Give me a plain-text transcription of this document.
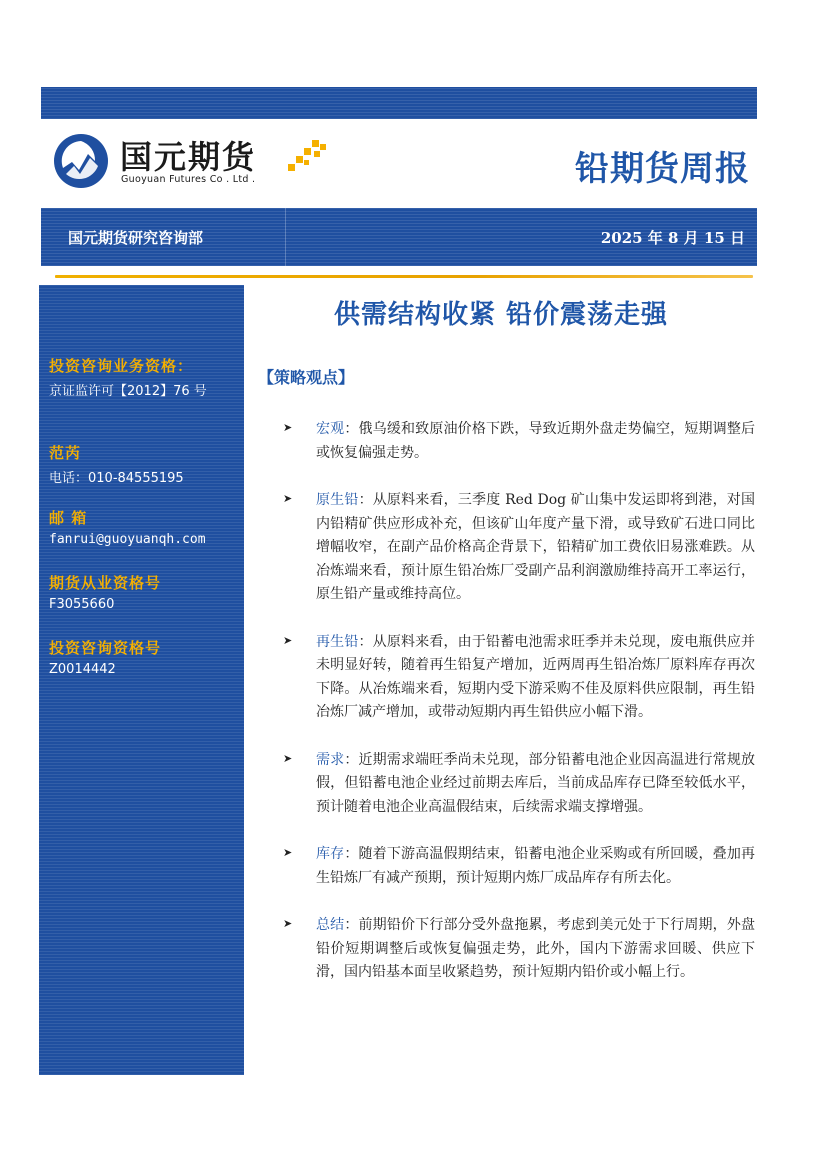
国元期货
Guoyuan Futures Co . Ltd .	铅期货周报
国元期货研究咨询部	2025 年 8 月 15 日
投资咨询业务资格：
京证监许可【2012】76 号
范芮
电话：010-84555195
邮 箱
fanrui@guoyuanqh.com
期货从业资格号
F3055660
投资咨询资格号
Z0014442
供需结构收紧 铅价震荡走强
【策略观点】
➤ 宏观：俄乌缓和致原油价格下跌，导致近期外盘走势偏空，短期调整后或恢复偏强走势。
➤ 原生铅：从原料来看，三季度 Red Dog 矿山集中发运即将到港，对国内铅精矿供应形成补充，但该矿山年度产量下滑，或导致矿石进口同比增幅收窄，在副产品价格高企背景下，铅精矿加工费依旧易涨难跌。从冶炼端来看，预计原生铅冶炼厂受副产品利润激励维持高开工率运行，原生铅产量或维持高位。
➤ 再生铅：从原料来看，由于铅蓄电池需求旺季并未兑现，废电瓶供应并未明显好转，随着再生铅复产增加，近两周再生铅冶炼厂原料库存再次下降。从冶炼端来看，短期内受下游采购不佳及原料供应限制，再生铅冶炼厂减产增加，或带动短期内再生铅供应小幅下滑。
➤ 需求：近期需求端旺季尚未兑现，部分铅蓄电池企业因高温进行常规放假，但铅蓄电池企业经过前期去库后，当前成品库存已降至较低水平，预计随着电池企业高温假结束，后续需求端支撑增强。
➤ 库存：随着下游高温假期结束，铅蓄电池企业采购或有所回暖，叠加再生铅炼厂有减产预期，预计短期内炼厂成品库存有所去化。
➤ 总结：前期铅价下行部分受外盘拖累，考虑到美元处于下行周期，外盘铅价短期调整后或恢复偏强走势，此外，国内下游需求回暖、供应下滑，国内铅基本面呈收紧趋势，预计短期内铅价或小幅上行。
